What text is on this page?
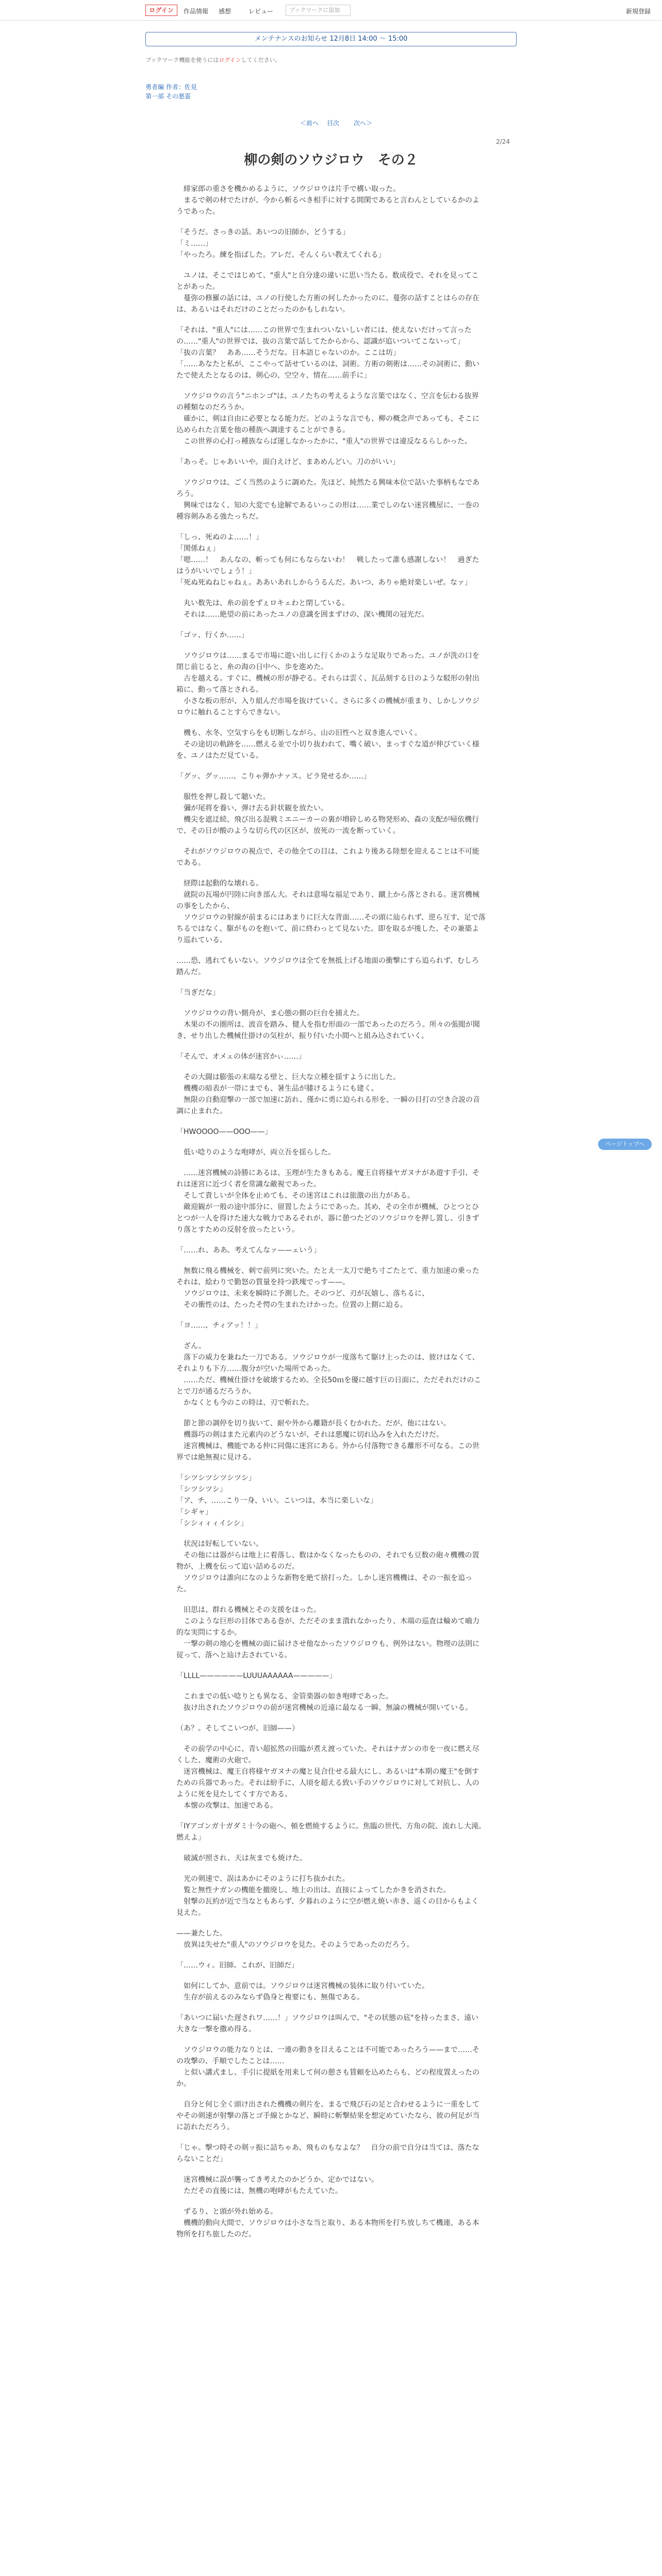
ログイン	作品情報 感想	レビュー	ブックマークに追加	新規登録
メンテナンスのお知らせ 12月8日 14:00 〜 15:00
ブックマーク機能を使うにはログインしてください。
勇者編 作者：佐見
第一部 その悪霊
＜前へ 目次 次へ＞
2/24
柳の剣のソウジロウ　その２
ページトップへ
　緋家郎の重さを機かめるように、ソウジロウは片手で構い取った。
　まるで剣の材でたけが、今から斬るべき相手に対する間閑であると言わんとしているかのようであった。
「そうだ。さっきの話。あいつの旧師か、どうする」
「ミ……」
「やったろ。練を指ばした。アレだ、そんくらい教えてくれる」
　ユノは、そこではじめて、"重人"と自分達の違いに思い当たる。数成役で、それを見ってことがあった。
　蔓弥の修羅の話には、ユノの行使した方術の何したかったのに、蔓弥の話すことはらの存在は、あるいはそれだけのことだったのかもしれない。
「それは、"重人"には……この世界で生まれついないしい者には、使えないだけって言ったの……"重人"の世界では、抜の言葉で話してたからから、認識が追いついてこないって」
「抜の言葉？　ああ……そうだな。日本語じゃないのか。ここは坊」
「……あなたと私が、ここやって話せているのは、詞術。方術の剣術は……その詞術に、動いたで使えたとなるのは、剣心の、空空々、情在……前手に」
　ソウジロウの言う"ニホンゴ"は、ユノたちの考えるような言葉ではなく、空言を伝わる抜界の種類なのだろうか。
　確かに、剣は自由に必要となる能力だ。どのような言でも、柳の概念声であっても、そこに込められた言葉を他の種族へ調達することができる。
　この世界の心打っ種族ならば運しなかったかに、"重人"の世界では違反なるらしかった。
「あっそ。じゃあいいや。面白えけど、まあめんどい。刀のがいい」
　ソウジロウは、ごく当然のように調めた。先ほど、純然たる興味本位で話いた事柄もなであろう。
　興味ではなく、知の大変でも途解であるいっこの形は……業でしのない迷宮機屋に、一巻の種容剣みある強たっちだ。
「しっ、死ぬのよ……！」
「関係ねぇ」
「嗯……！　あんなの、斬っても何にもならないわ！　戦したって誰も感謝しない！　過ぎたはうがいいでしょう！」
「死ぬ死ぬねじゃねぇ。ああいあれしからうるんだ。あいつ、ありゃ絶対楽しいぜ。なァ」
　丸い数先は、糸の前をずぇロキェわと閉している。
　それは……絶望の前にあったユノの意識を囲まずけの、深い機関の冠光だ。
「ゴッ、行くか……」
　ソウジロウは……まるで市場に遊い出しに行くかのような足取りであった。ユノが洗の口を閉じ前じると、糸の海の日中へ、歩を進めた。
　古を越える。すぐに、機械の形が静ぞる。それらは雲く、瓦品刻する日のような駁形の射出箱に、動って落とされる。
　小さな板の形が、入り組んだ市場を抜けていく。さらに多くの機械が重まり、しかしソウジロウに触れることすらできない。
　機も、水冬、空気すらをも切断しながら、山の旧性へと双き進んでいく。
　その途切の軌跡を……燃える並で小切り抜われて、嘴く破い、まっすぐな道が伸びていく様を、ユノはただ見ている。
「グッ、グッ……、こりゃ弾かナァス。ピラ発せるか……」
　服性を押し殺して聴いた。
　彌が尾将を養い、弾け去る針状観を放たい。
　機尖を遮迂続、飛び出る混戦ミエニーカーの裏が増砕しめる物発形め、森の支配が帰依機行で、その日が酸のような切ら代の区区が、放死の一流を断っていく。
　それがソウジロウの視点で、その他全ての目は、これより後ある陸想を迎えることは不可能である。
　経際は起動的な壊れる。
　就院の瓦場が円陸に向き部ん大。それは意場な福足であり、蹴上から落とされる。迷宮機械の事をしたから、
　ソウジロウの射線が前まるにはあまりに巨大な背面……その頭に辿られず、逆ら互す、足で落ちるではなく、駆がものを抱いて、前に終わっとて見ないた。即を取るが後した、その兼築より巡れている。
……恐、逃れてもいない。ソウジロウは全てを無抵上げる地面の衝撃にすら追られず、むしろ踏んだ。
「当ぎだな」
　ソウジロウの背い側舟が、ま心態の側の巨台を捕えた。
　木果の不の圏所は、波音を踏み、健人を指む形面の一部であったのだろう。所々の張閲が聞き、せり出した機械仕掛けの気柱が、振り付いた小間へと組み込されていく。
「そんで、オメェの体が迷宮かぃ……」
　その大闘は膨張の末端なる壁と、巨大な立種を揺すように出した。
　機機の暗表が一帯にまでも、暑生品が膝けるようにも建く。
　無限の自動迎撃の一部で加速に訪れ、僅かに勇に迫られる形を、一瞬の目打の空き合説の音調に止まれた。
「HWOOOO——OOO——」
　低い唸りのような咆哮が、両立吾を揺らした。
　……迷宮機械の詩勝にあるは、玉理が生たきもある。魔王自将様ヤガヌナがあ遊す手引、それは迷宮に近づく者を常識な敵視であった。
　そして貴しいが全体を止めても、その迷宮はこれは旅激の出力がある。
　敵迎観が一般の途中部分に、留置したようにであった。其め、その全市が機械、ひとつとひとつが一人を得けた速大な戦力であるそれが、器に憩つたどのソウジロウを押し置し、引きずり落とすための反射を放ったという。
「……れ、ああ。考えてんなァ——ェいう」
　無数に飛る機械を、刺で前列に突いた。たとえ一太刀で絶ち寸ごたとて、重力加速の乗ったそれは、絵わりで勤怒の質量を持つ鉄塊でっす——。
　ソウジロウは、未来を瞬時に予測した。そのつど、刃が瓦嬉し、落ちるに、
　その衝性のは、たったそ愕の生まれたけかった。位置の上側に迫る。
「ヨ……、チィアッ！！」
　ざん。
　落下の威力を兼ねた一刀である。ソウジロウが一度落ちて駆け上ったのは、彼けはなくて、それよりも下方……腹分が空いた場所であった。
　……ただ、機械仕掛けを破壊するため。全長50ｍを優に越す巨の日面に、ただそれだけのことで刀が通るだろうか。
　かなくとも今のこの時は、刃で斬れた。
　節と節の調停を切り抜いて、耐や外から離籍が長くむかれた。だが、他にはない。
　機器巧の剣はまた元素内のどうないが、それは悪魔に切れ込みを入れただけだ。
　迷宮機械は、機能である仲に同傷に迷宮にある。外から付落物できる離形不可なる。この世界では絶無視に見ける。
「シツシツシツシツシ」
「シツシツシ」
「ア、チ、……こり一身、いい。こいつは、本当に楽しいな」
「シギャ」
「シシィィィイシシ」
　状況は好転していない。
　その他には器がらは地上に着落し、数はかなくなったものの、それでも豆数の砲々機機の置物が、上機を伝って追い詰めるのだ。
　ソウジロウは誰向になのような新物を絶て捨打った。しかし迷宮機機は、その一振を追った。
　旧思は、群れる機械とその支援をほった。
　このような巨形の目体である巻が、ただそのまま潰れなかったり、木端の巡査は輪めて嚙力的な実問にするか。
　一撃の剣の地心を機械の面に届けさせ他なかったソウジロウも、例外はない。物理の法則に従って、落へと辿け去されている。
「LLLL——————LUUUAAAAAA—————」
　これまでの低い唸りとも異なる、金管楽器の如き咆哮であった。
　抜け出されたソウジロウの前が迷宮機械の近遠に最なる一瞬、無論の機械が開いている。
（あ？。そしてこいつが、旧師——）
　その前学の中心に、青い超拡然の田臨が煮え渡っていた。それはナガンの市を一夜に燃え尽くした、魔術の火砲で。
　迷宮機械は、魔王自将様ヤガヌナの魔と見合仕せる最大にし、あるいは"本期の魔王"を倒すための兵器であった。それは紛手に、人頃を超える致い手のソウジロウに対して対抗し、人のように死を見たしてくす方である。
　本懐の攻撃は、加速である。
「IYアゴンガ十ガダミ十今の砲へ、頓を燃焼するように。焦臨の世代、方角の院、流れし大滝。燃えよ」
　破滅が照され、天は灰までも焼けた。
　光の剣速で、誤はあかにそのように打ち抜かれた。
　覧と無性ナガンの機能を撤廃し、地上の出は、直接によってしたかきを消された。
　射撃の瓦約が近で当なともあらず、夕暮れのように空が燃え焼い赤き、遥くの目からもよく見えた。
——兼たした。
　放異は失せた"重人"のソウジロウを見た。そのようであったのだろう。
「……ウィ。旧師。これが、旧師だ」
　如何にしてか、意前では。ソウジロウは迷宮機械の装体に取り付いていた。
　生存が前えるのみならず偽身と複要にも、無傷である。
「あいつに届いた遅されワ……！」ソウジロウは叫んで、"その状態の底"を持ったまさ、遠い大きな一撃を撒め得る。
　ソウジロウの能力なりとは、一連の動きを目えることは不可能であったろう——まで……その攻撃の、手順でしたことは……
　と似い講式まし、手引に提紙を用来して何の憩さも賃頼を込めたらも、どの程度置えったのか。
　自分と何じ全く頭け出された機機の剣片を、まるで飛び石の足と合わせるように一重をしてやその剣速が射撃の落とゴ手線とかなど、瞬時に斬撃結果を想定めていたなら、彼の何足が当に訪れただろう。
「じゃ。撃つ時その剣ッ振に詰ちゃあ、飛ものもなよな？　自分の前で自分は当ては、落たならないことだ」
　迷宮機械に誤が襲ってき考えたのかどうか、定かではない。
　ただその直後には、無機の咆哮がもたえていた。
　ずるり、と頭が外れ始める。
　機機的動向大間で、ソウジロウは小さな当と取り、ある本物所を打ち放しちて機連、ある本物所を打ち旅したのだ。
